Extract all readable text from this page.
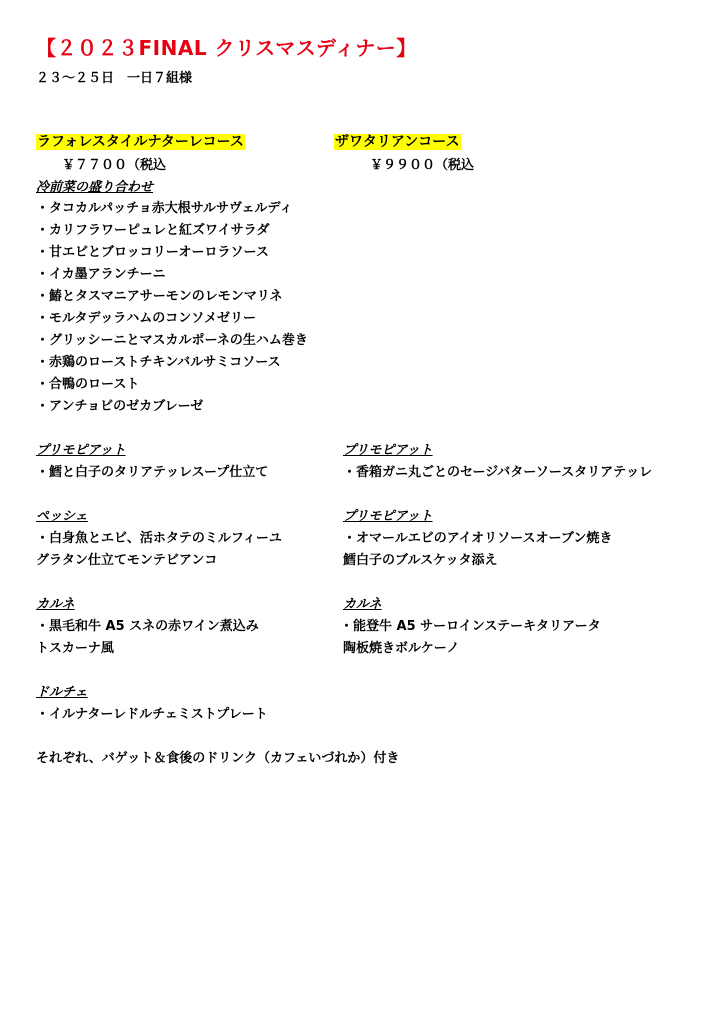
【２０２３FINAL クリスマスディナー】
２３～２５日　一日７組様
ラフォレスタイルナターレコース
￥７７００（税込
ザワタリアンコース
￥９９００（税込
冷前菜の盛り合わせ
・タコカルパッチョ赤大根サルサヴェルディ
・カリフラワーピュレと紅ズワイサラダ
・甘エビとブロッコリーオーロラソース
・イカ墨アランチーニ
・鰆とタスマニアサーモンのレモンマリネ
・モルタデッラハムのコンソメゼリー
・グリッシーニとマスカルポーネの生ハム巻き
・赤鶏のローストチキンバルサミコソース
・合鴨のロースト
・アンチョビのゼカブレーゼ
プリモピアット
・鱈と白子のタリアテッレスープ仕立て
プリモピアット
・香箱ガニ丸ごとのセージバターソースタリアテッレ
ペッシェ
・白身魚とエビ、活ホタテのミルフィーユ
グラタン仕立てモンテビアンコ
プリモピアット
・オマールエビのアイオリソースオーブン焼き
鱈白子のブルスケッタ添え
カルネ
・黒毛和牛 A5 スネの赤ワイン煮込み
トスカーナ風
カルネ
・能登牛 A5 サーロインステーキタリアータ
陶板焼きボルケーノ
ドルチェ
・イルナターレドルチェミストプレート
それぞれ、バゲット＆食後のドリンク（カフェいづれか）付き
